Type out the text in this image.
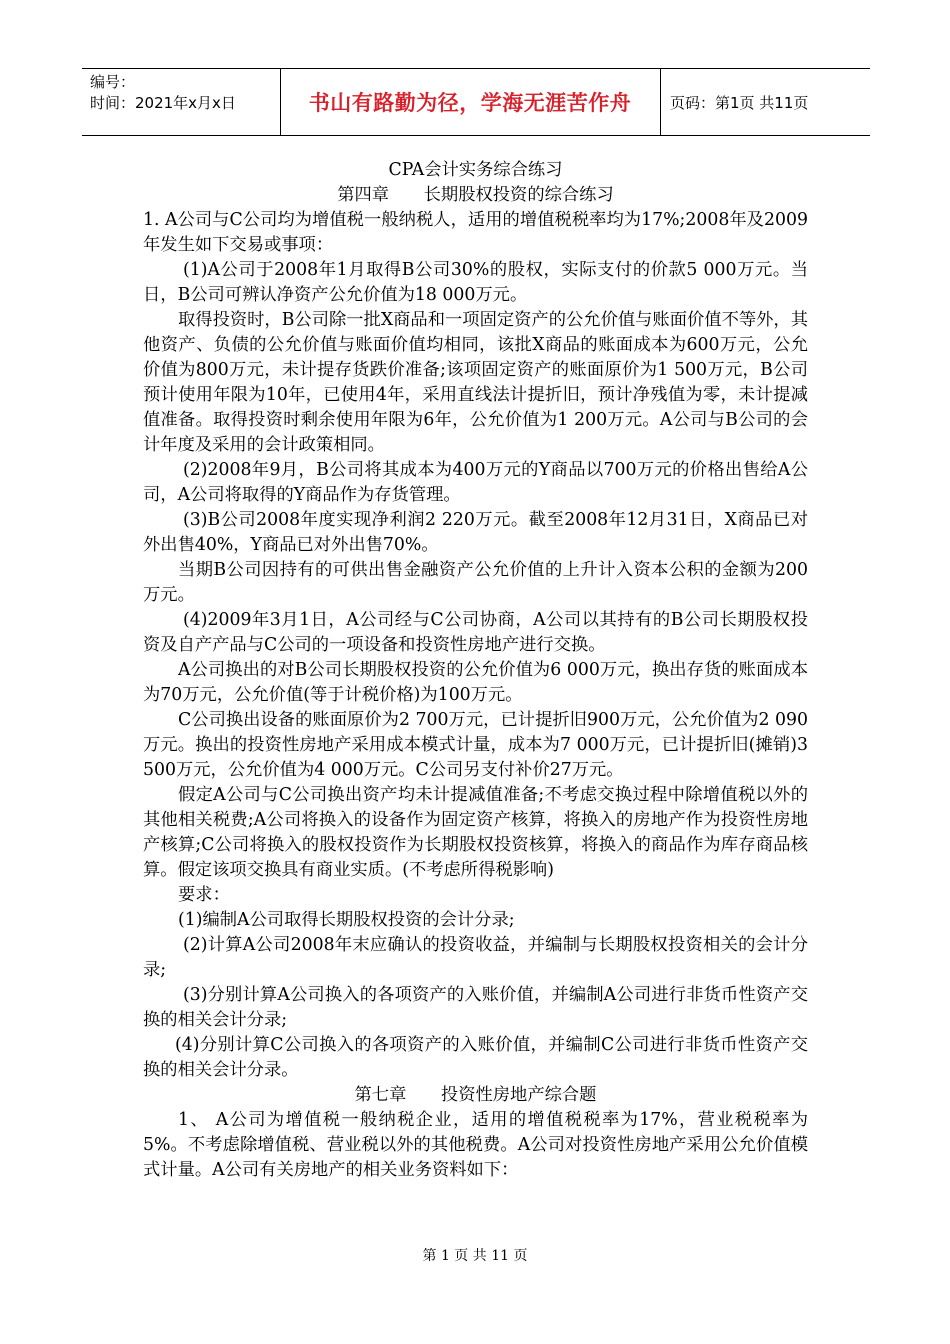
编号：
时间：2021年x月x日	书山有路勤为径，学海无涯苦作舟	页码：第1页 共11页

CPA会计实务综合练习

第四章　　长期股权投资的综合练习

1. A公司与C公司均为增值税一般纳税人，适用的增值税税率均为17%;2008年及2009年发生如下交易或事项：

(1)A公司于2008年1月取得B公司30%的股权，实际支付的价款5 000万元。当日，B公司可辨认净资产公允价值为18 000万元。

取得投资时，B公司除一批X商品和一项固定资产的公允价值与账面价值不等外，其他资产、负债的公允价值与账面价值均相同，该批X商品的账面成本为600万元，公允价值为800万元，未计提存货跌价准备;该项固定资产的账面原价为1 500万元，B公司预计使用年限为10年，已使用4年，采用直线法计提折旧，预计净残值为零，未计提减值准备。取得投资时剩余使用年限为6年，公允价值为1 200万元。A公司与B公司的会计年度及采用的会计政策相同。

(2)2008年9月，B公司将其成本为400万元的Y商品以700万元的价格出售给A公司，A公司将取得的Y商品作为存货管理。

(3)B公司2008年度实现净利润2 220万元。截至2008年12月31日，X商品已对外出售40%，Y商品已对外出售70%。

当期B公司因持有的可供出售金融资产公允价值的上升计入资本公积的金额为200万元。

(4)2009年3月1日，A公司经与C公司协商，A公司以其持有的B公司长期股权投资及自产产品与C公司的一项设备和投资性房地产进行交换。

A公司换出的对B公司长期股权投资的公允价值为6 000万元，换出存货的账面成本为70万元，公允价值(等于计税价格)为100万元。

C公司换出设备的账面原价为2 700万元，已计提折旧900万元，公允价值为2 090万元。换出的投资性房地产采用成本模式计量，成本为7 000万元，已计提折旧(摊销)3 500万元，公允价值为4 000万元。C公司另支付补价27万元。

假定A公司与C公司换出资产均未计提减值准备;不考虑交换过程中除增值税以外的其他相关税费;A公司将换入的设备作为固定资产核算，将换入的房地产作为投资性房地产核算;C公司将换入的股权投资作为长期股权投资核算，将换入的商品作为库存商品核算。假定该项交换具有商业实质。(不考虑所得税影响)

要求：

(1)编制A公司取得长期股权投资的会计分录;

(2)计算A公司2008年末应确认的投资收益，并编制与长期股权投资相关的会计分录;

(3)分别计算A公司换入的各项资产的入账价值，并编制A公司进行非货币性资产交换的相关会计分录;

(4)分别计算C公司换入的各项资产的入账价值，并编制C公司进行非货币性资产交换的相关会计分录。

第七章　　投资性房地产综合题

1、 A公司为增值税一般纳税企业，适用的增值税税率为17%，营业税税率为5%。不考虑除增值税、营业税以外的其他税费。A公司对投资性房地产采用公允价值模式计量。A公司有关房地产的相关业务资料如下：

第 1 页 共 11 页
